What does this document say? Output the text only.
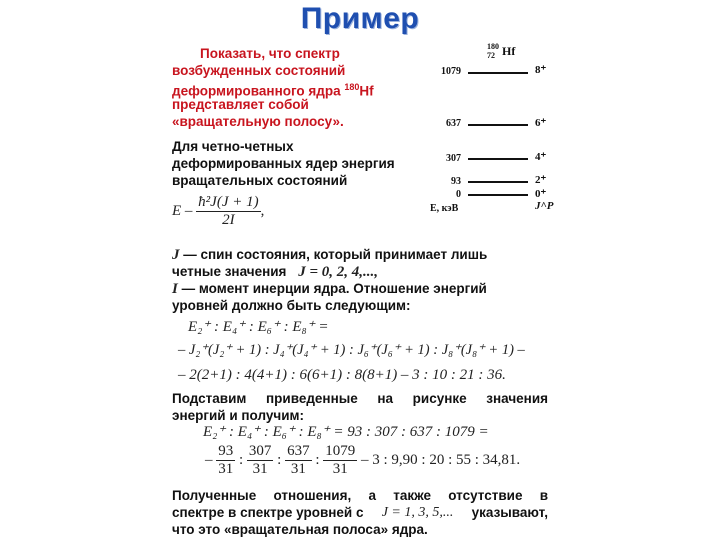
Пример
Показать, что спектр
возбужденных состояний
деформированного ядра $^{180}$Hf
представляет собой
«вращательную полосу».
Для четно-четных
деформированных ядер энергия
вращательных состояний
E – $\frac{\text{ħ²J(J + 1)}}{2I}$ ,
J — спин состояния, который принимает лишь
четные значения J = 0, 2, 4,...,
I — момент инерции ядра. Отношение энергий
уровней должно быть следующим:
E₂⁺ : E₄⁺ : E₆⁺ : E₈⁺ =
– J₂⁺(J₂⁺ + 1) : J₄⁺(J₄⁺ + 1) : J₆⁺(J₆⁺ + 1) : J₈⁺(J₈⁺ + 1) –
– 2(2+1) : 4(4+1) : 6(6+1) : 8(8+1) – 3 : 10 : 21 : 36.
Подставим приведенные на рисунке значения
энергий и получим:
E₂⁺ : E₄⁺ : E₆⁺ : E₈⁺ = 93 : 307 : 637 : 1079 =
– $\frac{93}{31}$ : $\frac{307}{31}$ : $\frac{637}{31}$ : $\frac{1079}{31} - 3$ : 9,90 : 20 : 55 : 34,81.
Полученные отношения, а также отсутствие в
спектре в спектре уровней с J = 1, 3, 5,... указывают,
что это «вращательная полоса» ядра.
180
72 Hf
1079	8⁺
637	6⁺
307	4⁺
93	2⁺
0	0⁺
E, кэВ	J^P
